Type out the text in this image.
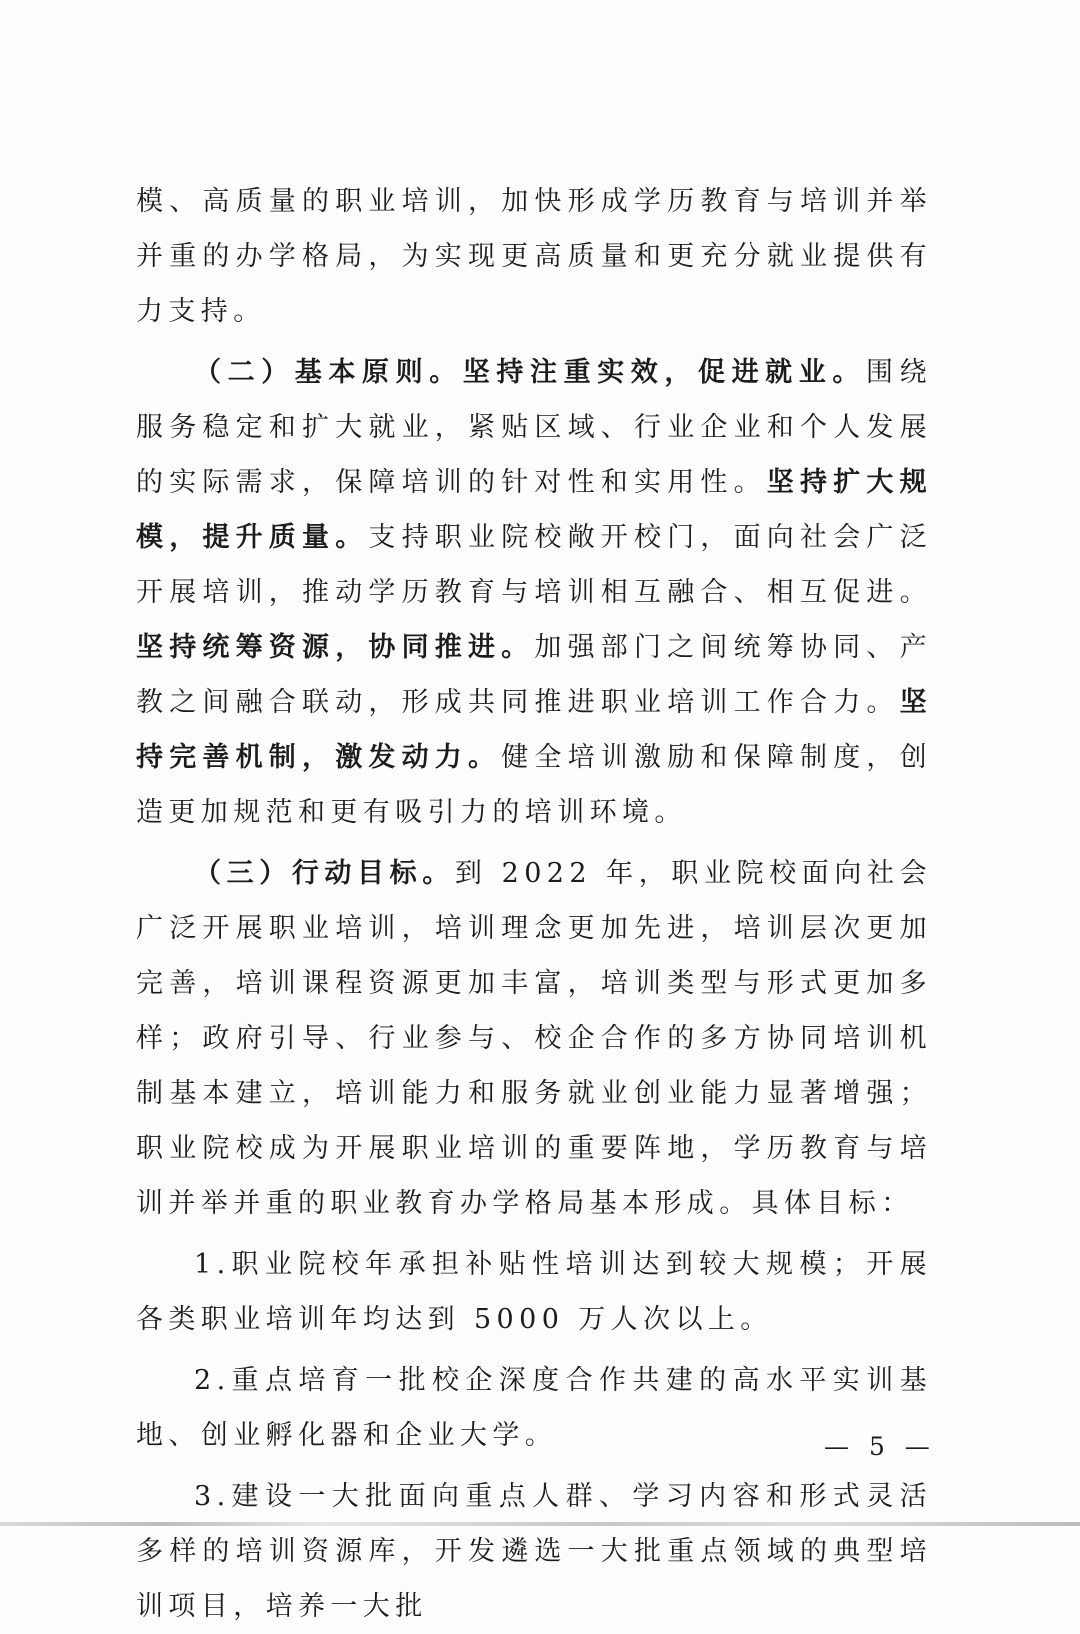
模、高质量的职业培训，加快形成学历教育与培训并举并重的办学格局，为实现更高质量和更充分就业提供有力支持。

（二）基本原则。坚持注重实效，促进就业。围绕服务稳定和扩大就业，紧贴区域、行业企业和个人发展的实际需求，保障培训的针对性和实用性。坚持扩大规模，提升质量。支持职业院校敞开校门，面向社会广泛开展培训，推动学历教育与培训相互融合、相互促进。坚持统筹资源，协同推进。加强部门之间统筹协同、产教之间融合联动，形成共同推进职业培训工作合力。坚持完善机制，激发动力。健全培训激励和保障制度，创造更加规范和更有吸引力的培训环境。

（三）行动目标。到 2022 年，职业院校面向社会广泛开展职业培训，培训理念更加先进，培训层次更加完善，培训课程资源更加丰富，培训类型与形式更加多样；政府引导、行业参与、校企合作的多方协同培训机制基本建立，培训能力和服务就业创业能力显著增强；职业院校成为开展职业培训的重要阵地，学历教育与培训并举并重的职业教育办学格局基本形成。具体目标：

1.职业院校年承担补贴性培训达到较大规模；开展各类职业培训年均达到 5000 万人次以上。

2.重点培育一批校企深度合作共建的高水平实训基地、创业孵化器和企业大学。

3.建设一大批面向重点人群、学习内容和形式灵活多样的培训资源库，开发遴选一大批重点领域的典型培训项目，培养一大批

— 5 —
